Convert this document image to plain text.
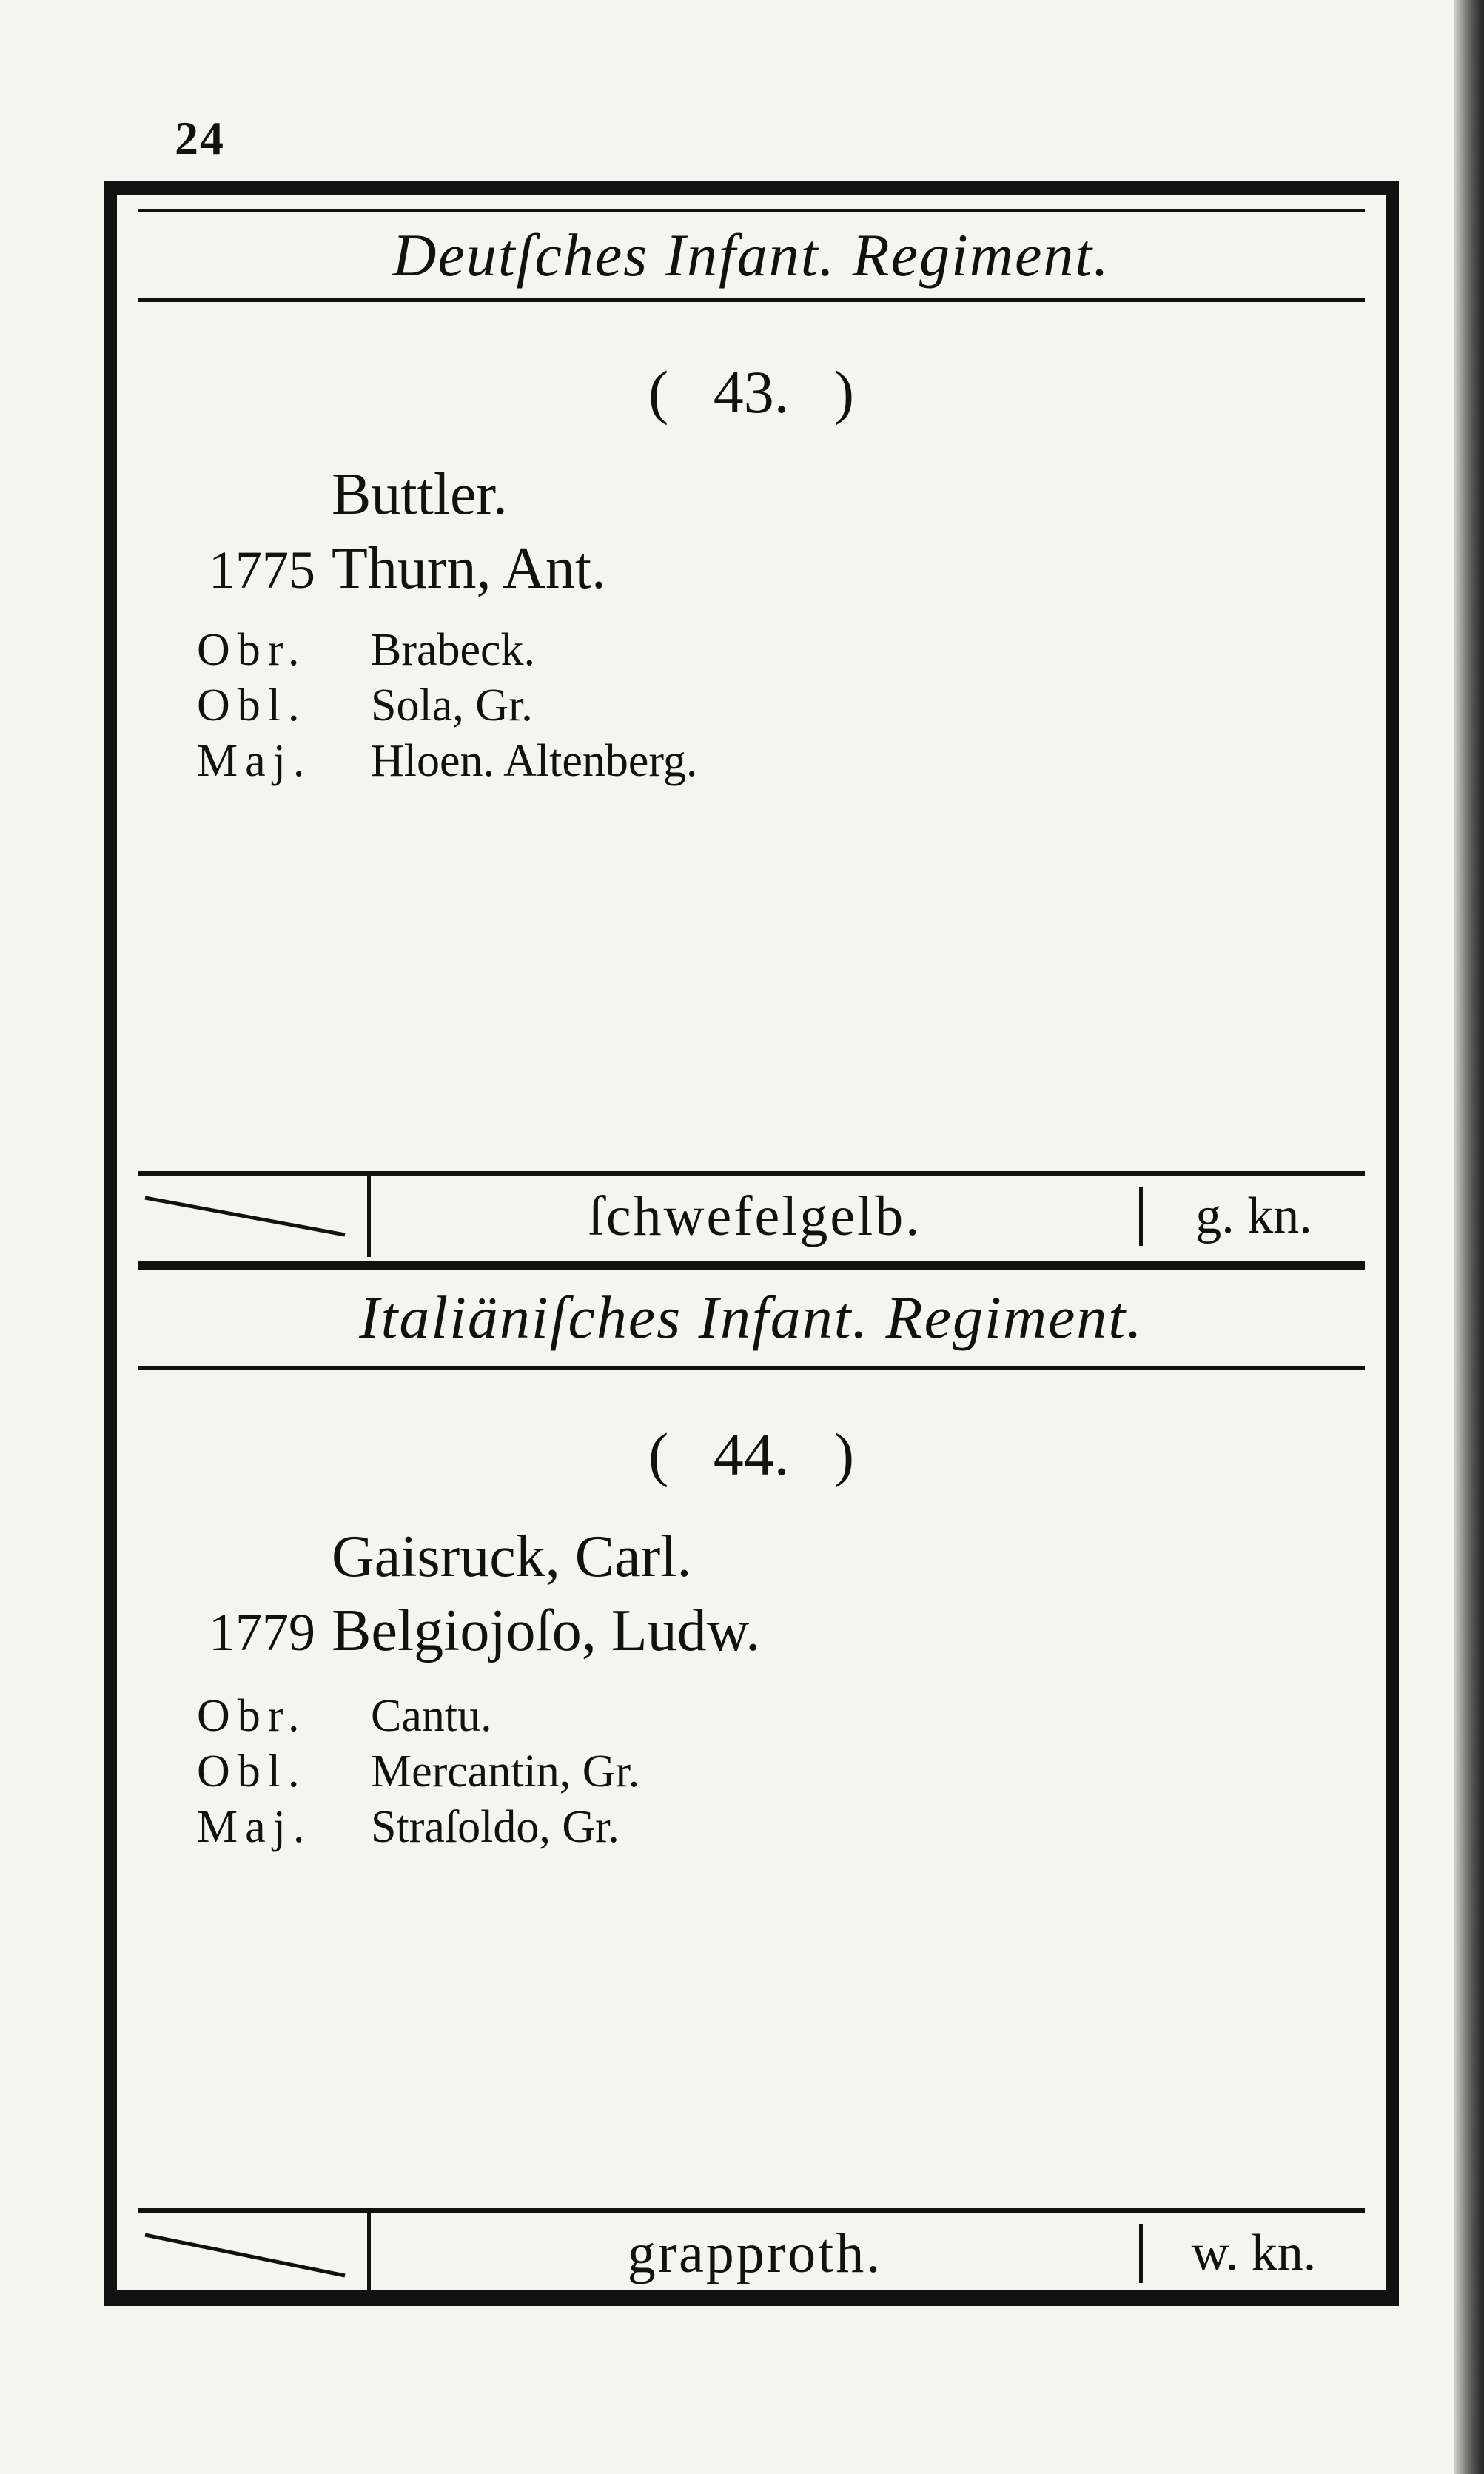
24
Deutſches Infant. Regiment.
( 43. )
Buttler.
1775 Thurn, Ant.
Obr.	Brabeck.
Obl.	Sola, Gr.
Maj.	Hloen. Altenberg.
ſchwefelgelb.	g. kn.
Italiäniſches Infant. Regiment.
( 44. )
Gaisruck, Carl.
1779 Belgiojoſo, Ludw.
Obr.	Cantu.
Obl.	Mercantin, Gr.
Maj.	Straſoldo, Gr.
grapproth.	w. kn.
